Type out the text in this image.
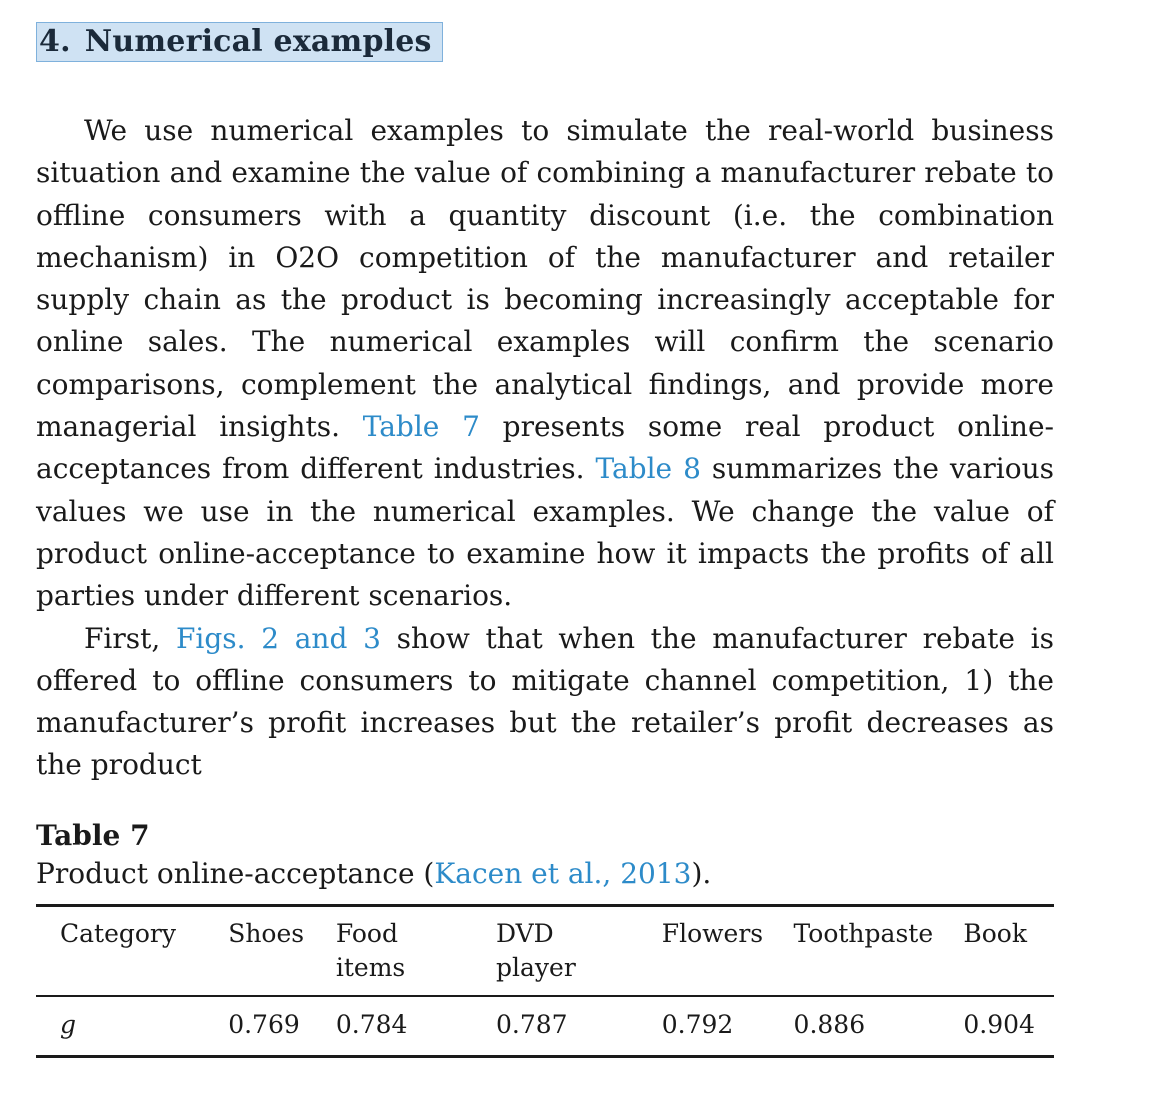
4. Numerical examples

We use numerical examples to simulate the real-world business situation and examine the value of combining a manufacturer rebate to offline consumers with a quantity discount (i.e. the combination mechanism) in O2O competition of the manufacturer and retailer supply chain as the product is becoming increasingly acceptable for online sales. The numerical examples will confirm the scenario comparisons, complement the analytical findings, and provide more managerial insights. Table 7 presents some real product online-acceptances from different industries. Table 8 summarizes the various values we use in the numerical examples. We change the value of product online-acceptance to examine how it impacts the profits of all parties under different scenarios.

First, Figs. 2 and 3 show that when the manufacturer rebate is offered to offline consumers to mitigate channel competition, 1) the manufacturer’s profit increases but the retailer’s profit decreases as the product

Table 7
Product online-acceptance (Kacen et al., 2013).
Category	Shoes	Food items	DVD player	Flowers	Toothpaste	Book
g	0.769	0.784	0.787	0.792	0.886	0.904
